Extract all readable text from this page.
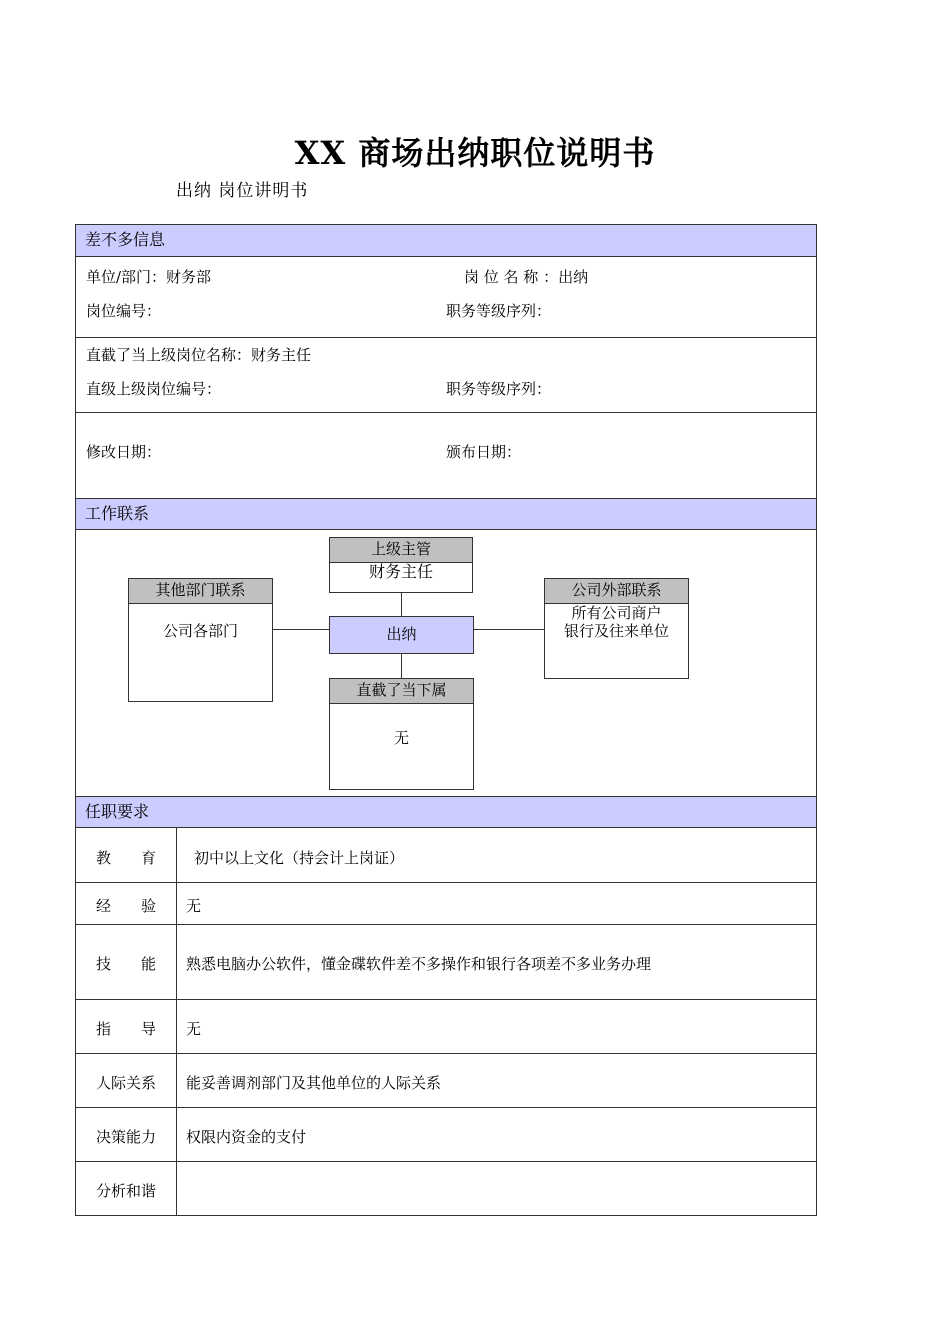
XX 商场出纳职位说明书
出纳 岗位讲明书
差不多信息
单位/部门：财务部	岗 位 名 称 ：出纳
岗位编号：	职务等级序列：
直截了当上级岗位名称：财务主任
直级上级岗位编号：	职务等级序列：
修改日期：	颁布日期：
工作联系
上级主管
财务主任
其他部门联系
公司各部门	出纳
公司外部联系
所有公司商户
银行及往来单位
直截了当下属
无
任职要求
教　　育	初中以上文化（持会计上岗证）
经　　验	无
技　　能	熟悉电脑办公软件，懂金碟软件差不多操作和银行各项差不多业务办理
指　　导	无
人际关系	能妥善调剂部门及其他单位的人际关系
决策能力	权限内资金的支付
分析和谐
